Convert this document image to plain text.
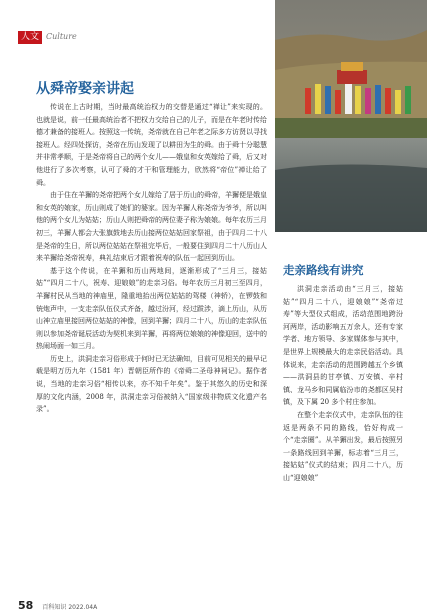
人文 Culture
从舜帝娶亲讲起

传说在上古时期，当时最高统治权力的交替是通过“禅让”来实现的。也就是说，前一任最高统治者不把权力交给自己的儿子，而是在年老时传给德才兼备的接班人。按照这一传统，尧帝就在自己年老之际多方访贤以寻找接班人。经四处探访，尧帝在历山发现了以耕田为生的舜。由于舜十分聪慧并非常孝顺，于是尧帝将自己的两个女儿——娥皇和女英嫁给了舜，后又对他进行了多次考察，认可了舜的才干和管理能力，欣然将“帝位”禅让给了舜。

由于住在羊獬的尧帝把两个女儿嫁给了居于历山的舜帝，羊獬便是娥皇和女英的娘家，历山则成了她们的婆家。因为羊獬人称尧帝为爷爷，所以叫他的两个女儿为姑姑；历山人则把舜帝的两位妻子称为娘娘。每年农历三月初三，羊獬人都会大张旗鼓地去历山接两位姑姑回家祭祖，由于四月二十八是尧帝的生日，所以两位姑姑在祭祖完毕后，一般要住到四月二十八历山人来羊獬给尧帝祝寿，典礼结束后才跟着祝寿的队伍一起回到历山。

基于这个传说，在羊獬和历山两地间，逐渐形成了“三月三，接姑姑”“四月二十八，祝寿、迎娘娘”的走亲习俗。每年农历三月初三至四月，羊獬村民从当地的神庙里，隆重地抬出两位姑姑的驾楼（神轿），在锣鼓和铳炮声中，一支走亲队伍仪式齐备，越过汾河，经过跋涉，滴上历山，从历山神立庙里接回两位姑姑的神像，回到羊獬；四月二十八，历山的走亲队伍则以参加尧帝诞辰活动为契机来到羊獬，再将两位娘娘的神像迎回，送中的热闹场面一如三月。

历史上，洪洞走亲习俗形成于何时已无法确知，目前可见相关的最早记载是明万历九年（1581 年）晋朝臣所作的《帝舜二圣母神祠记》。据作者说，当地的走亲习俗“相传以来，亦不知千年矣”。鉴于其悠久的历史和深厚的文化内涵，2008 年，洪洞走亲习俗被纳入“国家级非物质文化遗产名录”。

走亲路线有讲究

洪洞走亲活动由“三月三，接姑姑”“四月二十八，迎娘娘”“尧帝过寿”等大型仪式组成，活动范围地跨汾河两岸，活动影响五万余人，还有专家学者、地方领导、多家媒体参与其中，是世界上规模最大的走亲民俗活动。具体说来，走亲活动的范围跨越五个乡镇——洪洞县的甘亭镇、万安镇、辛村镇、龙马乡和同属临汾市的尧都区吴村镇，及下属 20 多个村庄参加。

在整个走亲仪式中，走亲队伍的往返是两条不同的路线，恰好构成一个“走亲圈”。从羊獬出发，最后按照另一条路线回到羊獬，标志着“三月三，接姑姑”仪式的结束；四月二十八，历山“迎娘娘”

58 百科知识 2022.04A
